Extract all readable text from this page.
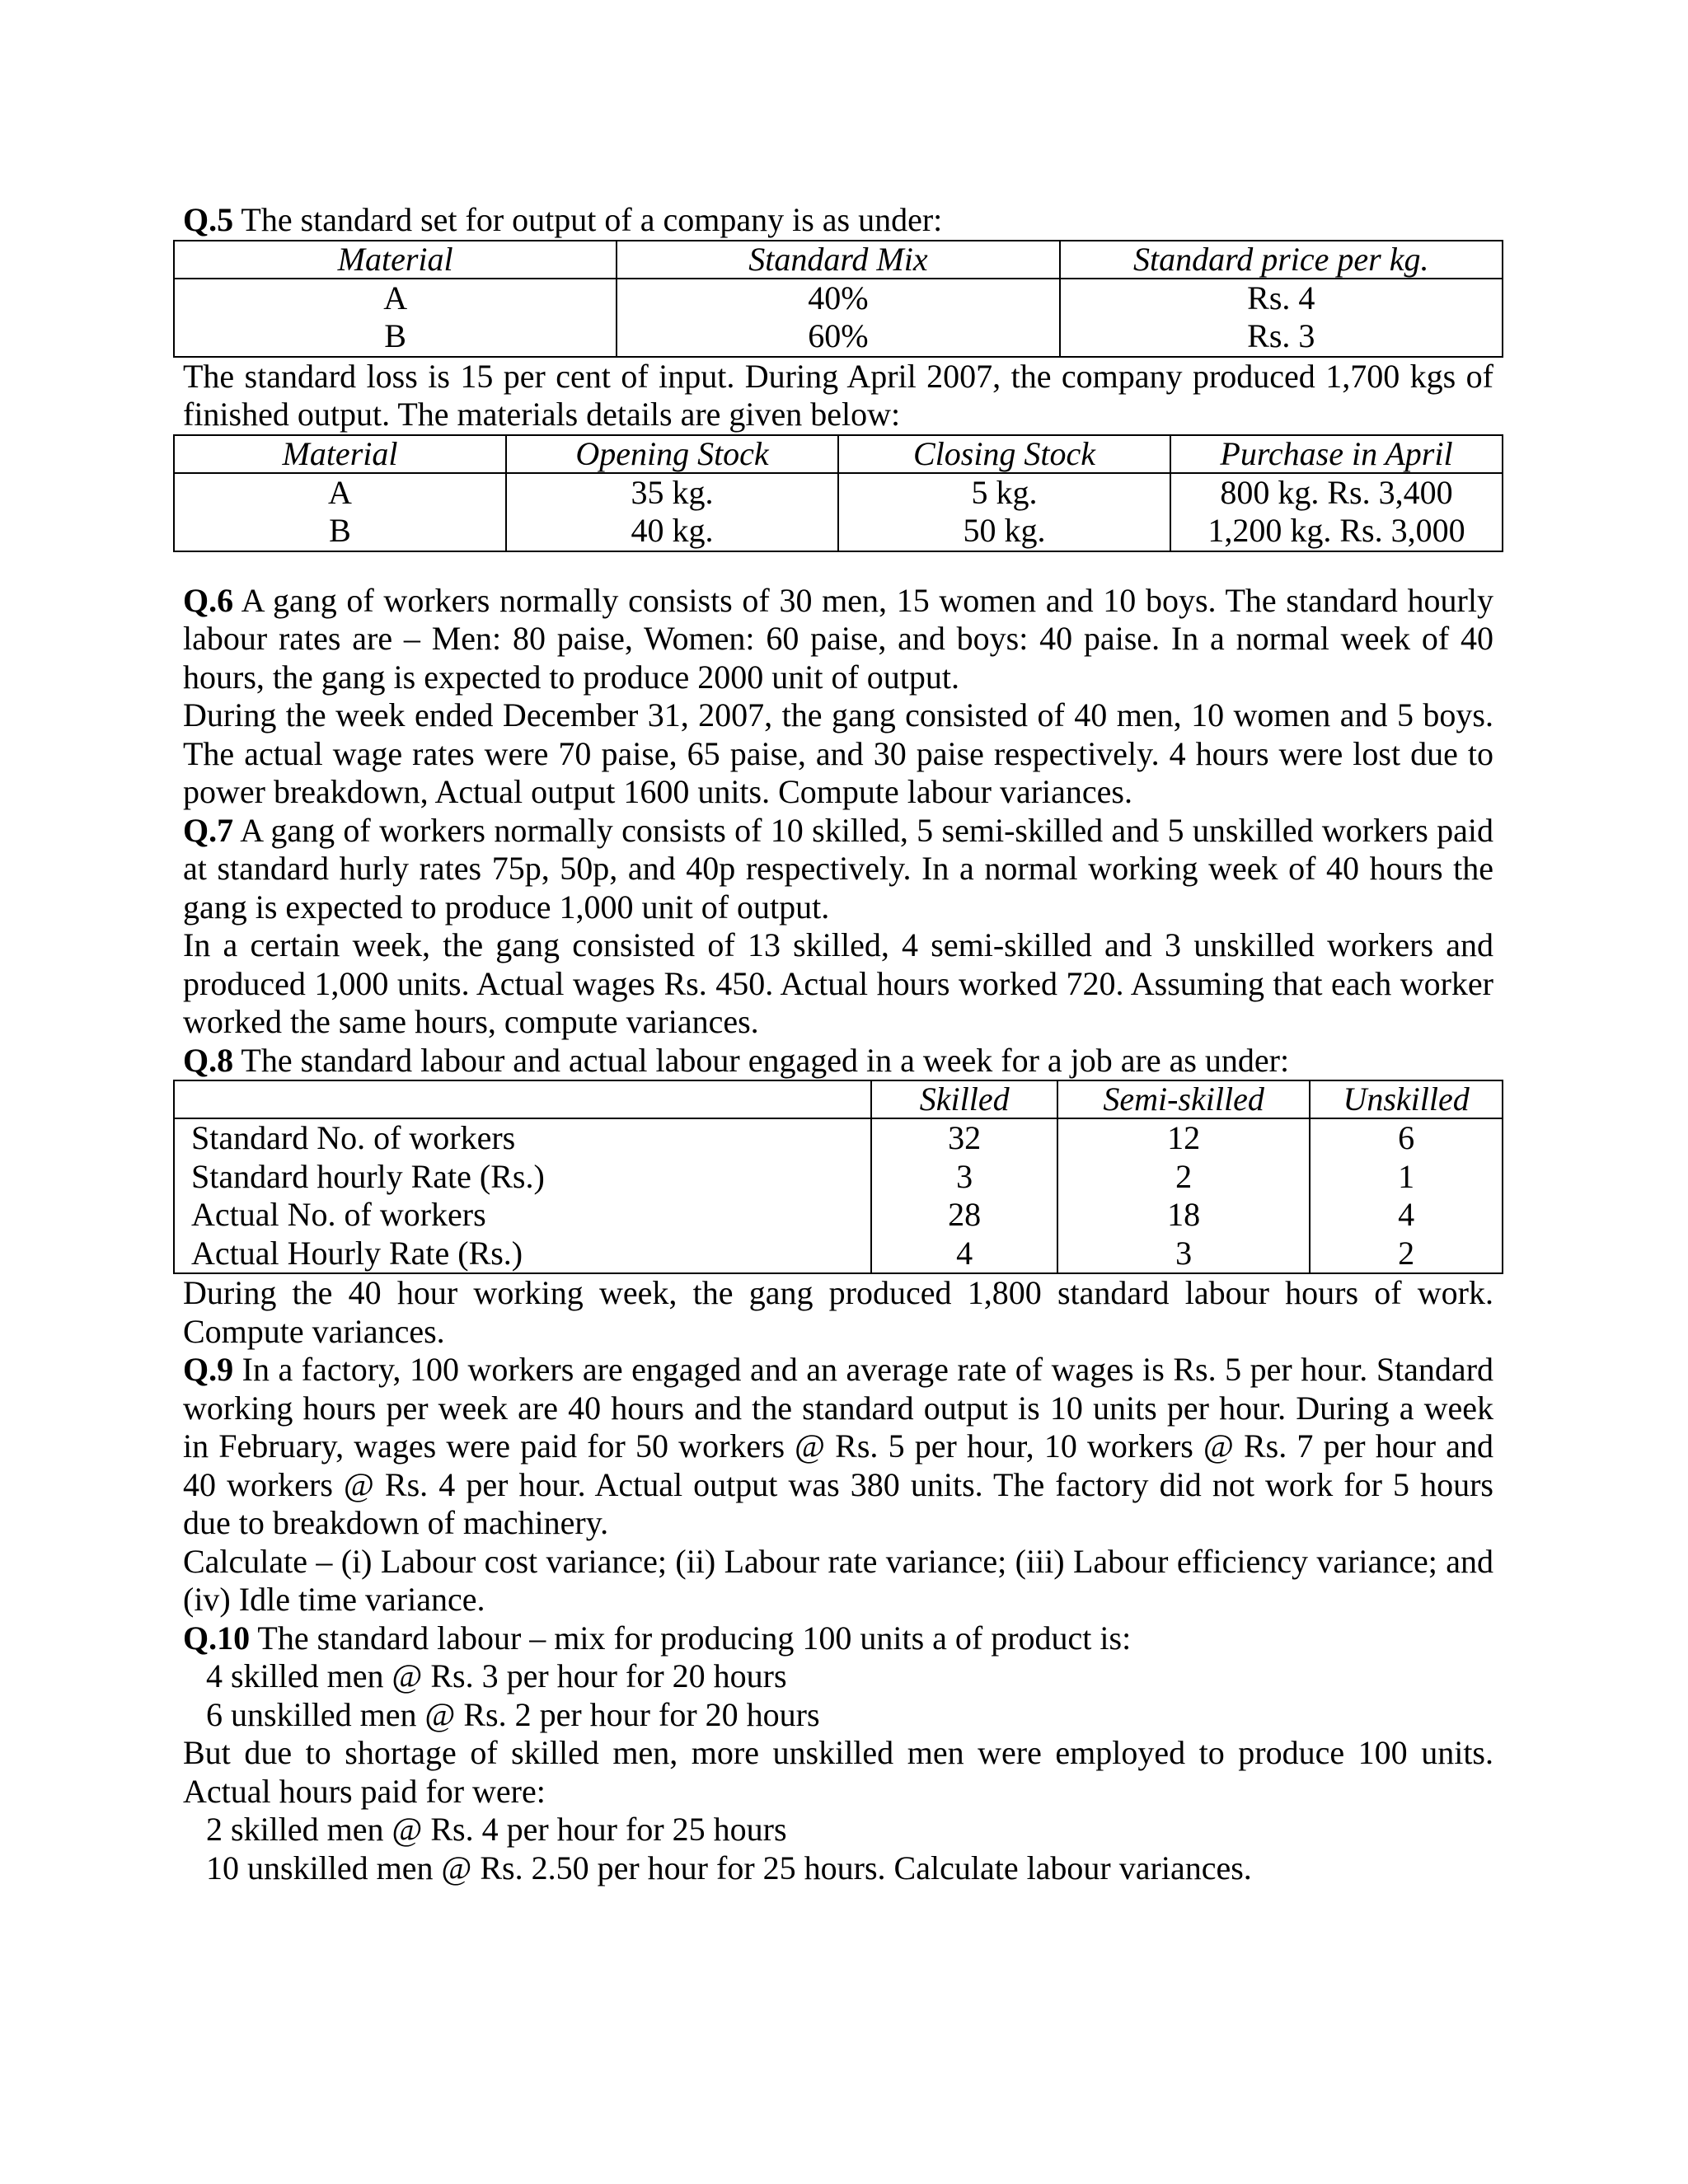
Q.5 The standard set for output of a company is as under:

Material	Standard Mix	Standard price per kg.
A	40%	Rs. 4
B	60%	Rs. 3

The standard loss is 15 per cent of input. During April 2007, the company produced 1,700 kgs of finished output. The materials details are given below:

Material	Opening Stock	Closing Stock	Purchase in April
A	35 kg.	5 kg.	800 kg. Rs. 3,400
B	40 kg.	50 kg.	1,200 kg. Rs. 3,000

Q.6 A gang of workers normally consists of 30 men, 15 women and 10 boys. The standard hourly labour rates are – Men: 80 paise, Women: 60 paise, and boys: 40 paise. In a normal week of 40 hours, the gang is expected to produce 2000 unit of output.

During the week ended December 31, 2007, the gang consisted of 40 men, 10 women and 5 boys. The actual wage rates were 70 paise, 65 paise, and 30 paise respectively. 4 hours were lost due to power breakdown, Actual output 1600 units. Compute labour variances.

Q.7 A gang of workers normally consists of 10 skilled, 5 semi-skilled and 5 unskilled workers paid at standard hurly rates 75p, 50p, and 40p respectively. In a normal working week of 40 hours the gang is expected to produce 1,000 unit of output.

In a certain week, the gang consisted of 13 skilled, 4 semi-skilled and 3 unskilled workers and produced 1,000 units. Actual wages Rs. 450. Actual hours worked 720. Assuming that each worker worked the same hours, compute variances.

Q.8 The standard labour and actual labour engaged in a week for a job are as under:

	Skilled	Semi-skilled	Unskilled
Standard No. of workers	32	12	6
Standard hourly Rate (Rs.)	3	2	1
Actual No. of workers	28	18	4
Actual Hourly Rate (Rs.)	4	3	2

During the 40 hour working week, the gang produced 1,800 standard labour hours of work. Compute variances.

Q.9 In a factory, 100 workers are engaged and an average rate of wages is Rs. 5 per hour. Standard working hours per week are 40 hours and the standard output is 10 units per hour. During a week in February, wages were paid for 50 workers @ Rs. 5 per hour, 10 workers @ Rs. 7 per hour and 40 workers @ Rs. 4 per hour. Actual output was 380 units. The factory did not work for 5 hours due to breakdown of machinery.

Calculate – (i) Labour cost variance; (ii) Labour rate variance; (iii) Labour efficiency variance; and (iv) Idle time variance.

Q.10 The standard labour – mix for producing 100 units a of product is:

4 skilled men @ Rs. 3 per hour for 20 hours

6 unskilled men @ Rs. 2 per hour for 20 hours

But due to shortage of skilled men, more unskilled men were employed to produce 100 units. Actual hours paid for were:

2 skilled men @ Rs. 4 per hour for 25 hours

10 unskilled men @ Rs. 2.50 per hour for 25 hours. Calculate labour variances.
